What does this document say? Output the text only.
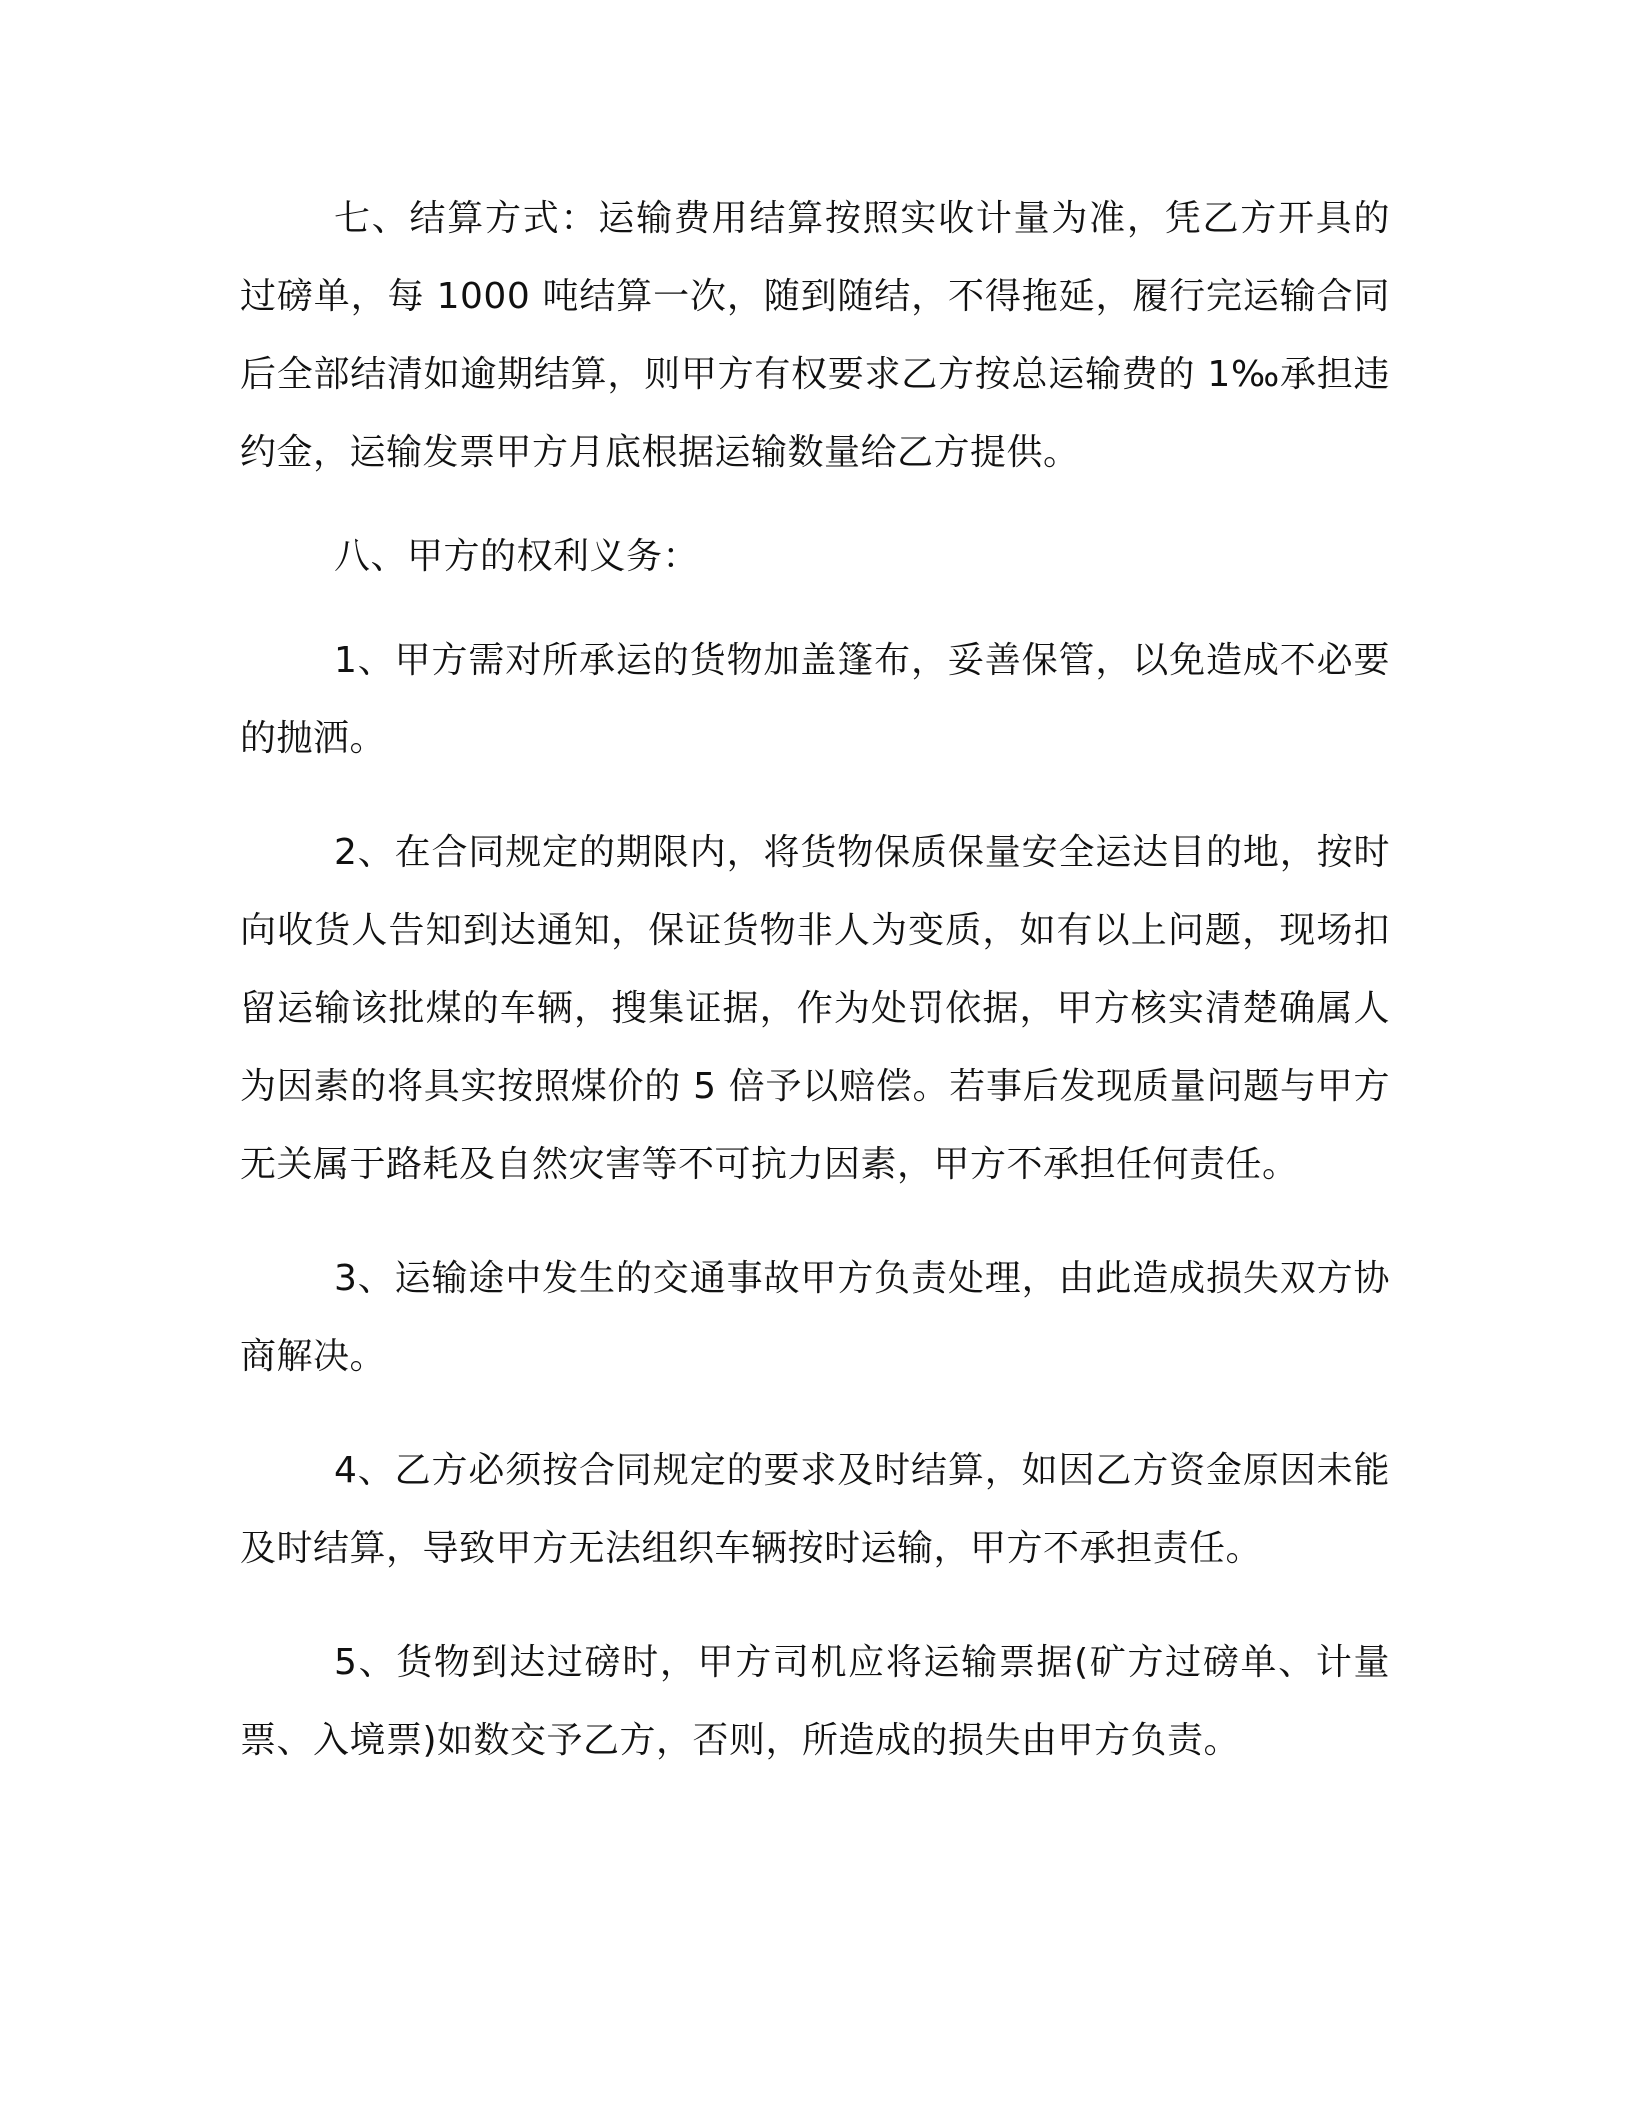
七、结算方式：运输费用结算按照实收计量为准，凭乙方开具的过磅单，每 1000 吨结算一次，随到随结，不得拖延，履行完运输合同后全部结清如逾期结算，则甲方有权要求乙方按总运输费的 1‰承担违约金，运输发票甲方月底根据运输数量给乙方提供。

八、甲方的权利义务：

1、甲方需对所承运的货物加盖篷布，妥善保管，以免造成不必要的抛洒。

2、在合同规定的期限内，将货物保质保量安全运达目的地，按时向收货人告知到达通知，保证货物非人为变质，如有以上问题，现场扣留运输该批煤的车辆，搜集证据，作为处罚依据，甲方核实清楚确属人为因素的将具实按照煤价的 5 倍予以赔偿。若事后发现质量问题与甲方无关属于路耗及自然灾害等不可抗力因素，甲方不承担任何责任。

3、运输途中发生的交通事故甲方负责处理，由此造成损失双方协商解决。

4、乙方必须按合同规定的要求及时结算，如因乙方资金原因未能及时结算，导致甲方无法组织车辆按时运输，甲方不承担责任。

5、货物到达过磅时，甲方司机应将运输票据(矿方过磅单、计量票、入境票)如数交予乙方，否则，所造成的损失由甲方负责。
